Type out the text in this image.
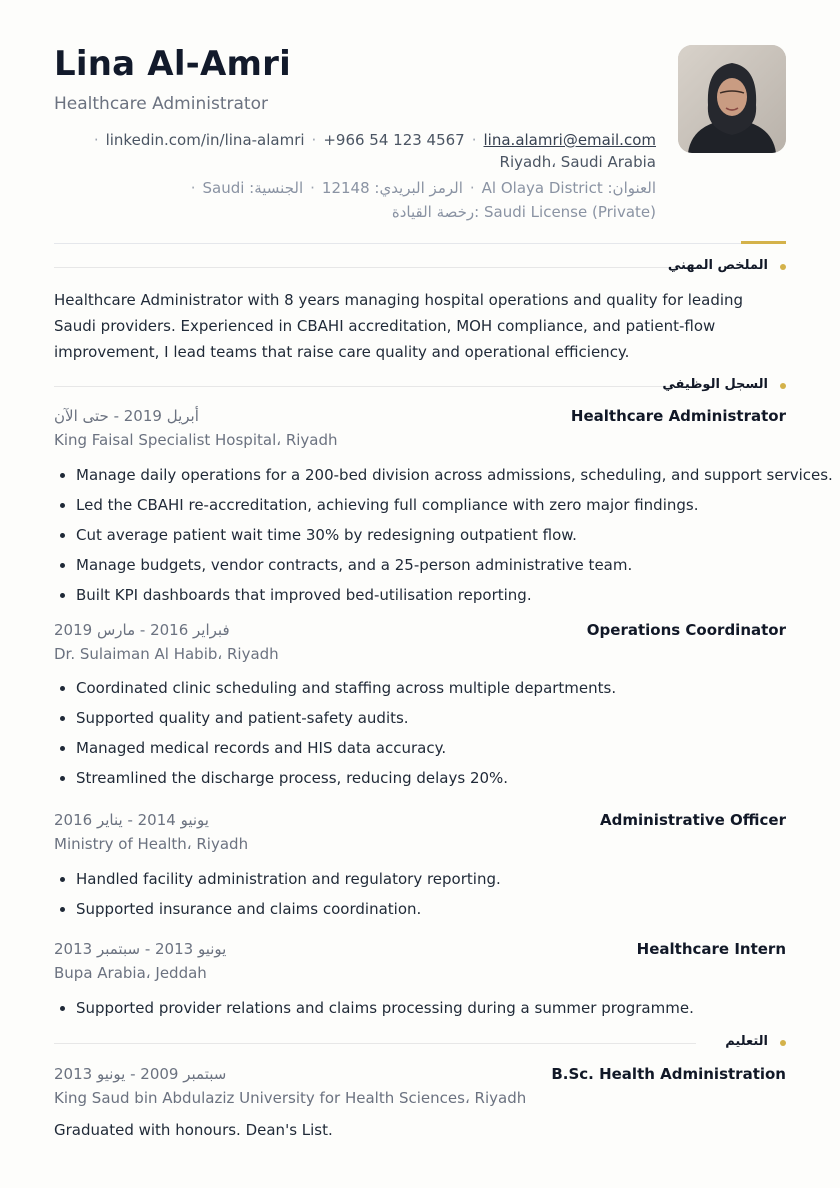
Lina Al-Amri
Healthcare Administrator
· linkedin.com/in/lina-alamri · +966 54 123 4567 · lina.alamri@email.com
Riyadh، Saudi Arabia
العنوان: Al Olaya District·الرمز البريدي: 12148·الجنسية: Saudi·
رخصة القيادة: Saudi License (Private)
الملخص المهني
Healthcare Administrator with 8 years managing hospital operations and quality for leading Saudi providers. Experienced in CBAHI accreditation, MOH compliance, and patient-flow improvement, I lead teams that raise care quality and operational efficiency.
السجل الوظيفي
أبريل 2019 - حتى الآن	Healthcare Administrator
King Faisal Specialist Hospital، Riyadh
• Manage daily operations for a 200-bed division across admissions, scheduling, and support services.
• Led the CBAHI re-accreditation, achieving full compliance with zero major findings.
• Cut average patient wait time 30% by redesigning outpatient flow.
• Manage budgets, vendor contracts, and a 25-person administrative team.
• Built KPI dashboards that improved bed-utilisation reporting.
فبراير 2016 - مارس 2019	Operations Coordinator
Dr. Sulaiman Al Habib، Riyadh
• Coordinated clinic scheduling and staffing across multiple departments.
• Supported quality and patient-safety audits.
• Managed medical records and HIS data accuracy.
• Streamlined the discharge process, reducing delays 20%.
يونيو 2014 - يناير 2016	Administrative Officer
Ministry of Health، Riyadh
• Handled facility administration and regulatory reporting.
• Supported insurance and claims coordination.
يونيو 2013 - سبتمبر 2013	Healthcare Intern
Bupa Arabia، Jeddah
• Supported provider relations and claims processing during a summer programme.
التعليم
سبتمبر 2009 - يونيو 2013	B.Sc. Health Administration
King Saud bin Abdulaziz University for Health Sciences، Riyadh
Graduated with honours. Dean's List.
